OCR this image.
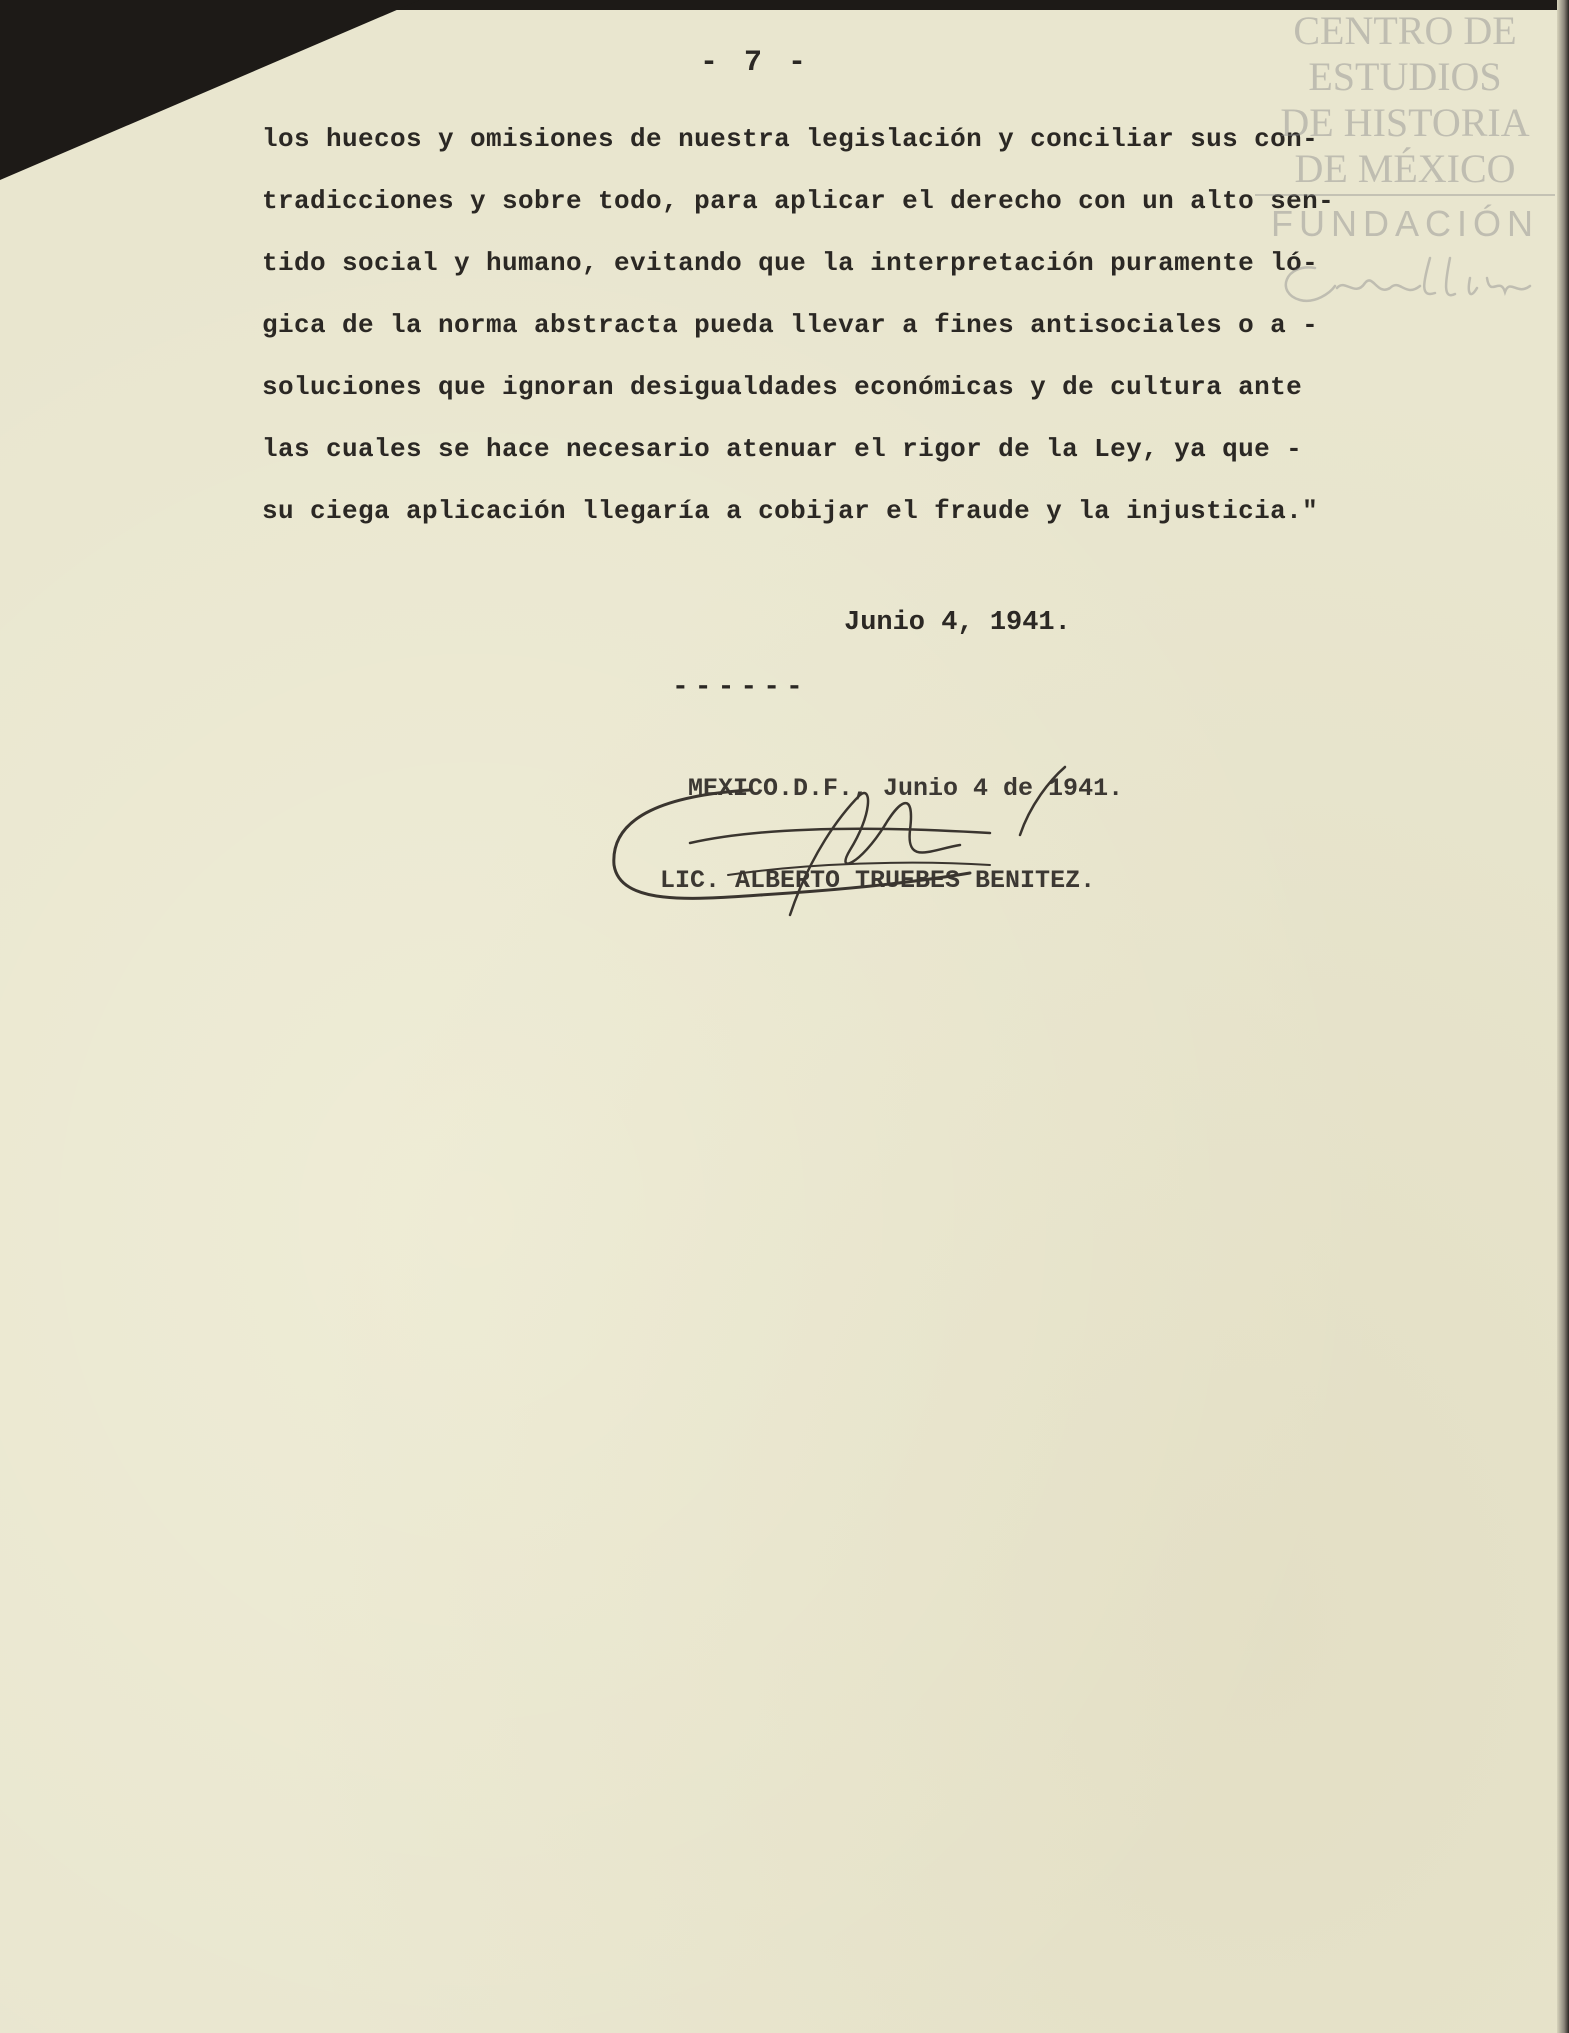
- 7 -
los huecos y omisiones de nuestra legislación y conciliar sus con-
tradicciones y sobre todo, para aplicar el derecho con un alto sen-
tido social y humano, evitando que la interpretación puramente ló-
gica de la norma abstracta pueda llevar a fines antisociales o a -
soluciones que ignoran desigualdades económicas y de cultura ante
las cuales se hace necesario atenuar el rigor de la Ley, ya que -
su ciega aplicación llegaría a cobijar el fraude y la injusticia."
Junio 4, 1941.
------
MEXICO.D.F., Junio 4 de 1941.
LIC. ALBERTO TRUEBES BENITEZ.
CENTRO DE
ESTUDIOS
DE HISTORIA
DE MÉXICO
FUNDACIÓN
